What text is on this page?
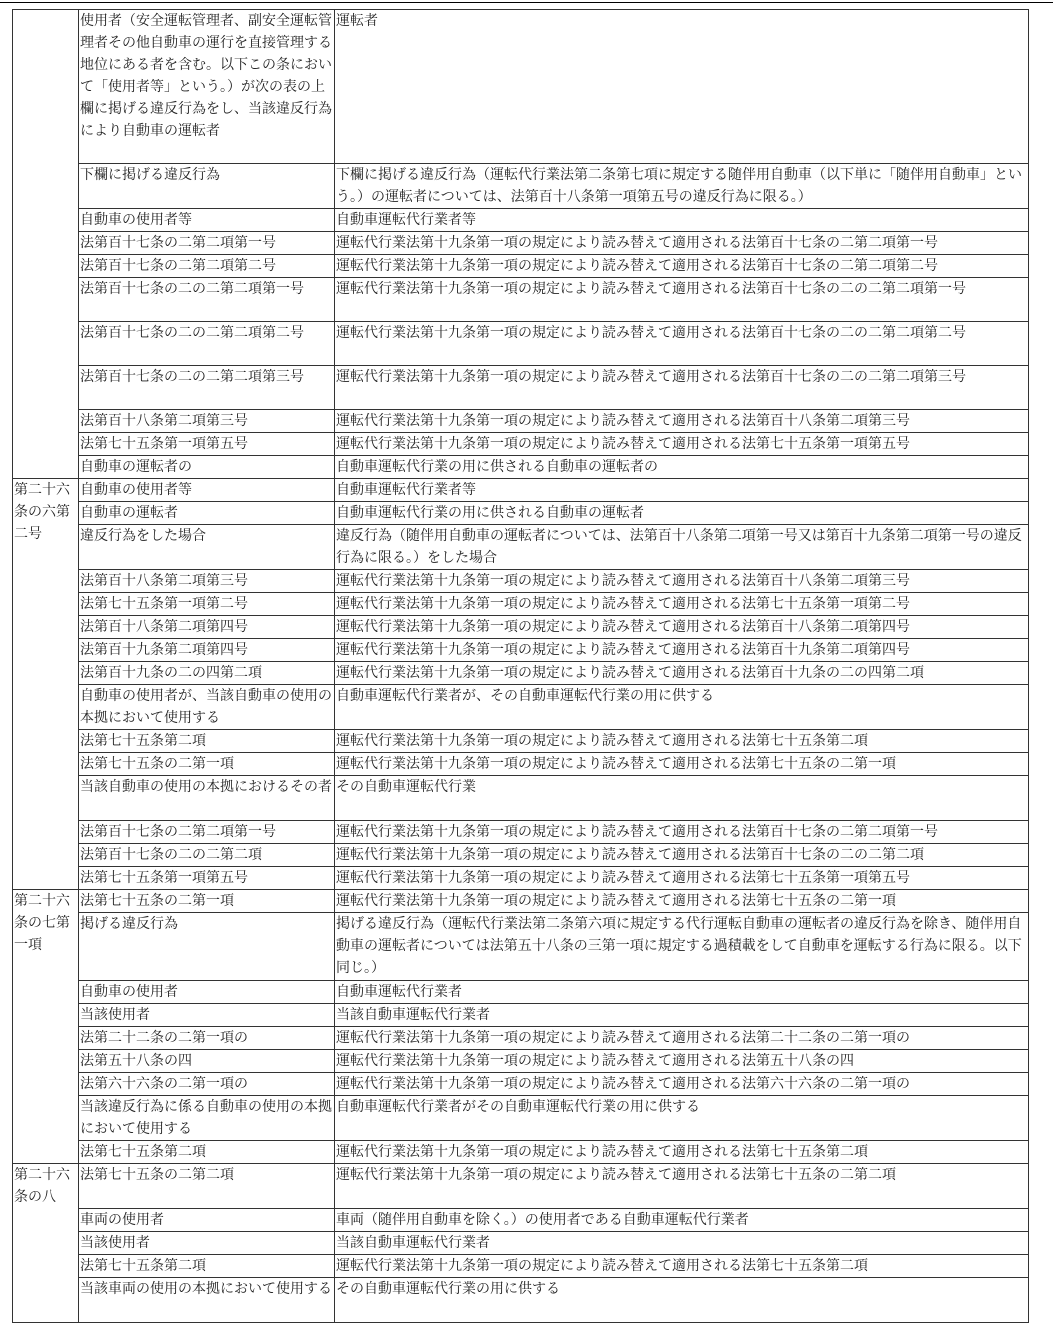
	使用者（安全運転管理者、副安全運転管理者その他自動車の運行を直接管理する地位にある者を含む。以下この条において「使用者等」という。）が次の表の上欄に掲げる違反行為をし、当該違反行為により自動車の運転者	運転者
	下欄に掲げる違反行為	下欄に掲げる違反行為（運転代行業法第二条第七項に規定する随伴用自動車（以下単に「随伴用自動車」という。）の運転者については、法第百十八条第一項第五号の違反行為に限る。）
	自動車の使用者等	自動車運転代行業者等
	法第百十七条の二第二項第一号	運転代行業法第十九条第一項の規定により読み替えて適用される法第百十七条の二第二項第一号
	法第百十七条の二第二項第二号	運転代行業法第十九条第一項の規定により読み替えて適用される法第百十七条の二第二項第二号
	法第百十七条の二の二第二項第一号	運転代行業法第十九条第一項の規定により読み替えて適用される法第百十七条の二の二第二項第一号
	法第百十七条の二の二第二項第二号	運転代行業法第十九条第一項の規定により読み替えて適用される法第百十七条の二の二第二項第二号
	法第百十七条の二の二第二項第三号	運転代行業法第十九条第一項の規定により読み替えて適用される法第百十七条の二の二第二項第三号
	法第百十八条第二項第三号	運転代行業法第十九条第一項の規定により読み替えて適用される法第百十八条第二項第三号
	法第七十五条第一項第五号	運転代行業法第十九条第一項の規定により読み替えて適用される法第七十五条第一項第五号
	自動車の運転者の	自動車運転代行業の用に供される自動車の運転者の
第二十六条の六第二号	自動車の使用者等	自動車運転代行業者等
	自動車の運転者	自動車運転代行業の用に供される自動車の運転者
	違反行為をした場合	違反行為（随伴用自動車の運転者については、法第百十八条第二項第一号又は第百十九条第二項第一号の違反行為に限る。）をした場合
	法第百十八条第二項第三号	運転代行業法第十九条第一項の規定により読み替えて適用される法第百十八条第二項第三号
	法第七十五条第一項第二号	運転代行業法第十九条第一項の規定により読み替えて適用される法第七十五条第一項第二号
	法第百十八条第二項第四号	運転代行業法第十九条第一項の規定により読み替えて適用される法第百十八条第二項第四号
	法第百十九条第二項第四号	運転代行業法第十九条第一項の規定により読み替えて適用される法第百十九条第二項第四号
	法第百十九条の二の四第二項	運転代行業法第十九条第一項の規定により読み替えて適用される法第百十九条の二の四第二項
	自動車の使用者が、当該自動車の使用の本拠において使用する	自動車運転代行業者が、その自動車運転代行業の用に供する
	法第七十五条第二項	運転代行業法第十九条第一項の規定により読み替えて適用される法第七十五条第二項
	法第七十五条の二第一項	運転代行業法第十九条第一項の規定により読み替えて適用される法第七十五条の二第一項
	当該自動車の使用の本拠におけるその者	その自動車運転代行業
	法第百十七条の二第二項第一号	運転代行業法第十九条第一項の規定により読み替えて適用される法第百十七条の二第二項第一号
	法第百十七条の二の二第二項	運転代行業法第十九条第一項の規定により読み替えて適用される法第百十七条の二の二第二項
	法第七十五条第一項第五号	運転代行業法第十九条第一項の規定により読み替えて適用される法第七十五条第一項第五号
第二十六条の七第一項	法第七十五条の二第一項	運転代行業法第十九条第一項の規定により読み替えて適用される法第七十五条の二第一項
	掲げる違反行為	掲げる違反行為（運転代行業法第二条第六項に規定する代行運転自動車の運転者の違反行為を除き、随伴用自動車の運転者については法第五十八条の三第一項に規定する過積載をして自動車を運転する行為に限る。以下同じ。）
	自動車の使用者	自動車運転代行業者
	当該使用者	当該自動車運転代行業者
	法第二十二条の二第一項の	運転代行業法第十九条第一項の規定により読み替えて適用される法第二十二条の二第一項の
	法第五十八条の四	運転代行業法第十九条第一項の規定により読み替えて適用される法第五十八条の四
	法第六十六条の二第一項の	運転代行業法第十九条第一項の規定により読み替えて適用される法第六十六条の二第一項の
	当該違反行為に係る自動車の使用の本拠において使用する	自動車運転代行業者がその自動車運転代行業の用に供する
	法第七十五条第二項	運転代行業法第十九条第一項の規定により読み替えて適用される法第七十五条第二項
第二十六条の八	法第七十五条の二第二項	運転代行業法第十九条第一項の規定により読み替えて適用される法第七十五条の二第二項
	車両の使用者	車両（随伴用自動車を除く。）の使用者である自動車運転代行業者
	当該使用者	当該自動車運転代行業者
	法第七十五条第二項	運転代行業法第十九条第一項の規定により読み替えて適用される法第七十五条第二項
	当該車両の使用の本拠において使用する	その自動車運転代行業の用に供する
